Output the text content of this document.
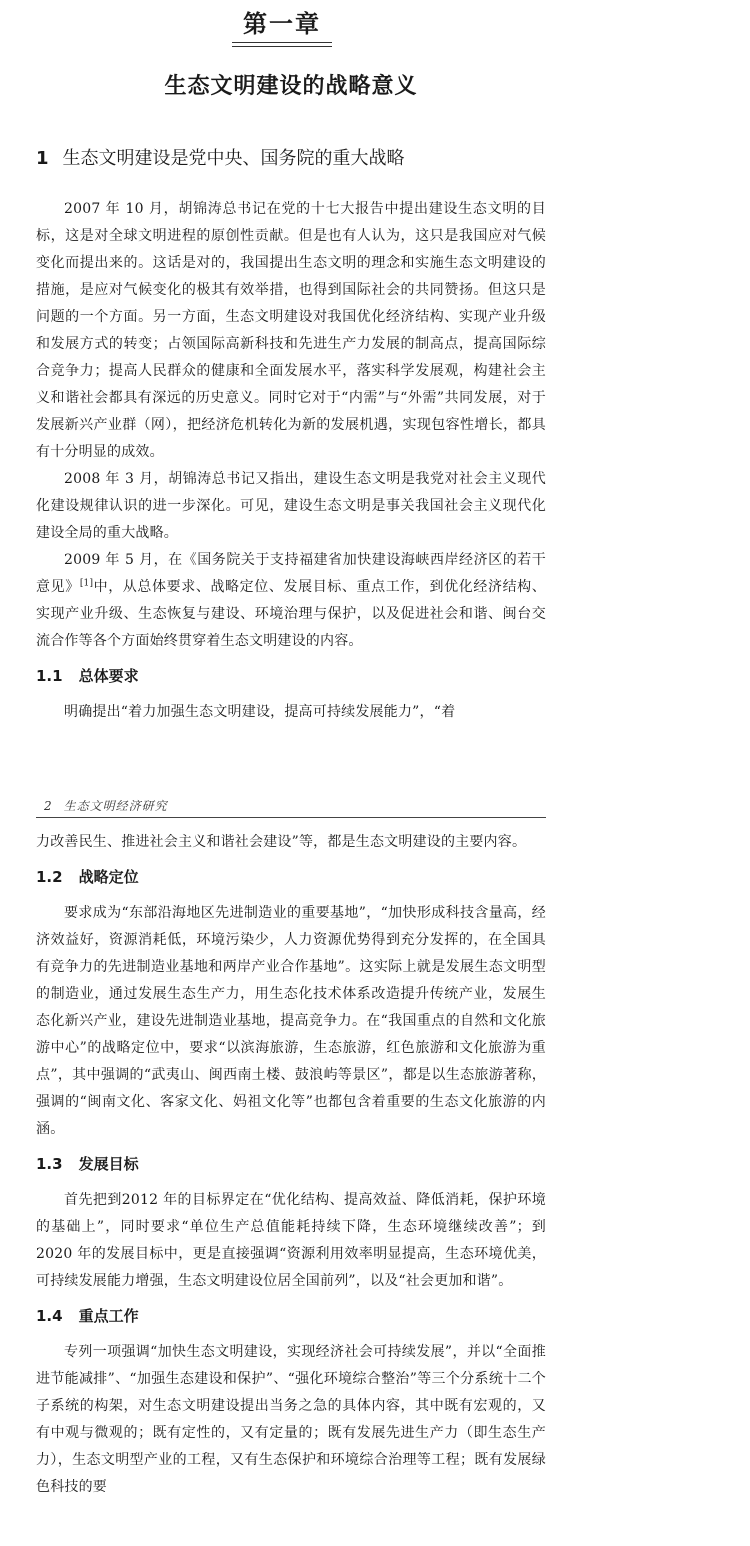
第一章
生态文明建设的战略意义
1 生态文明建设是党中央、国务院的重大战略

2007 年 10 月，胡锦涛总书记在党的十七大报告中提出建设生态文明的目标，这是对全球文明进程的原创性贡献。但是也有人认为，这只是我国应对气候变化而提出来的。这话是对的，我国提出生态文明的理念和实施生态文明建设的措施，是应对气候变化的极其有效举措，也得到国际社会的共同赞扬。但这只是问题的一个方面。另一方面，生态文明建设对我国优化经济结构、实现产业升级和发展方式的转变；占领国际高新科技和先进生产力发展的制高点，提高国际综合竞争力；提高人民群众的健康和全面发展水平，落实科学发展观，构建社会主义和谐社会都具有深远的历史意义。同时它对于“内需”与“外需”共同发展，对于发展新兴产业群（网），把经济危机转化为新的发展机遇，实现包容性增长，都具有十分明显的成效。

2008 年 3 月，胡锦涛总书记又指出，建设生态文明是我党对社会主义现代化建设规律认识的进一步深化。可见，建设生态文明是事关我国社会主义现代化建设全局的重大战略。

2009 年 5 月，在《国务院关于支持福建省加快建设海峡西岸经济区的若干意见》[1]中，从总体要求、战略定位、发展目标、重点工作，到优化经济结构、实现产业升级、生态恢复与建设、环境治理与保护，以及促进社会和谐、闽台交流合作等各个方面始终贯穿着生态文明建设的内容。

1.1 总体要求

明确提出“着力加强生态文明建设，提高可持续发展能力”，“着

2 生态文明经济研究

力改善民生、推进社会主义和谐社会建设”等，都是生态文明建设的主要内容。

1.2 战略定位

要求成为“东部沿海地区先进制造业的重要基地”，“加快形成科技含量高，经济效益好，资源消耗低，环境污染少，人力资源优势得到充分发挥的，在全国具有竞争力的先进制造业基地和两岸产业合作基地”。这实际上就是发展生态文明型的制造业，通过发展生态生产力，用生态化技术体系改造提升传统产业，发展生态化新兴产业，建设先进制造业基地，提高竞争力。在“我国重点的自然和文化旅游中心”的战略定位中，要求“以滨海旅游，生态旅游，红色旅游和文化旅游为重点”，其中强调的“武夷山、闽西南土楼、鼓浪屿等景区”，都是以生态旅游著称，强调的“闽南文化、客家文化、妈祖文化等”也都包含着重要的生态文化旅游的内涵。

1.3 发展目标

首先把到2012 年的目标界定在“优化结构、提高效益、降低消耗，保护环境的基础上”，同时要求“单位生产总值能耗持续下降，生态环境继续改善”；到 2020 年的发展目标中，更是直接强调“资源利用效率明显提高，生态环境优美，可持续发展能力增强，生态文明建设位居全国前列”，以及“社会更加和谐”。

1.4 重点工作

专列一项强调“加快生态文明建设，实现经济社会可持续发展”，并以“全面推进节能减排”、“加强生态建设和保护”、“强化环境综合整治”等三个分系统十二个子系统的构架，对生态文明建设提出当务之急的具体内容，其中既有宏观的，又有中观与微观的；既有定性的，又有定量的；既有发展先进生产力（即生态生产力），生态文明型产业的工程，又有生态保护和环境综合治理等工程；既有发展绿色科技的要
